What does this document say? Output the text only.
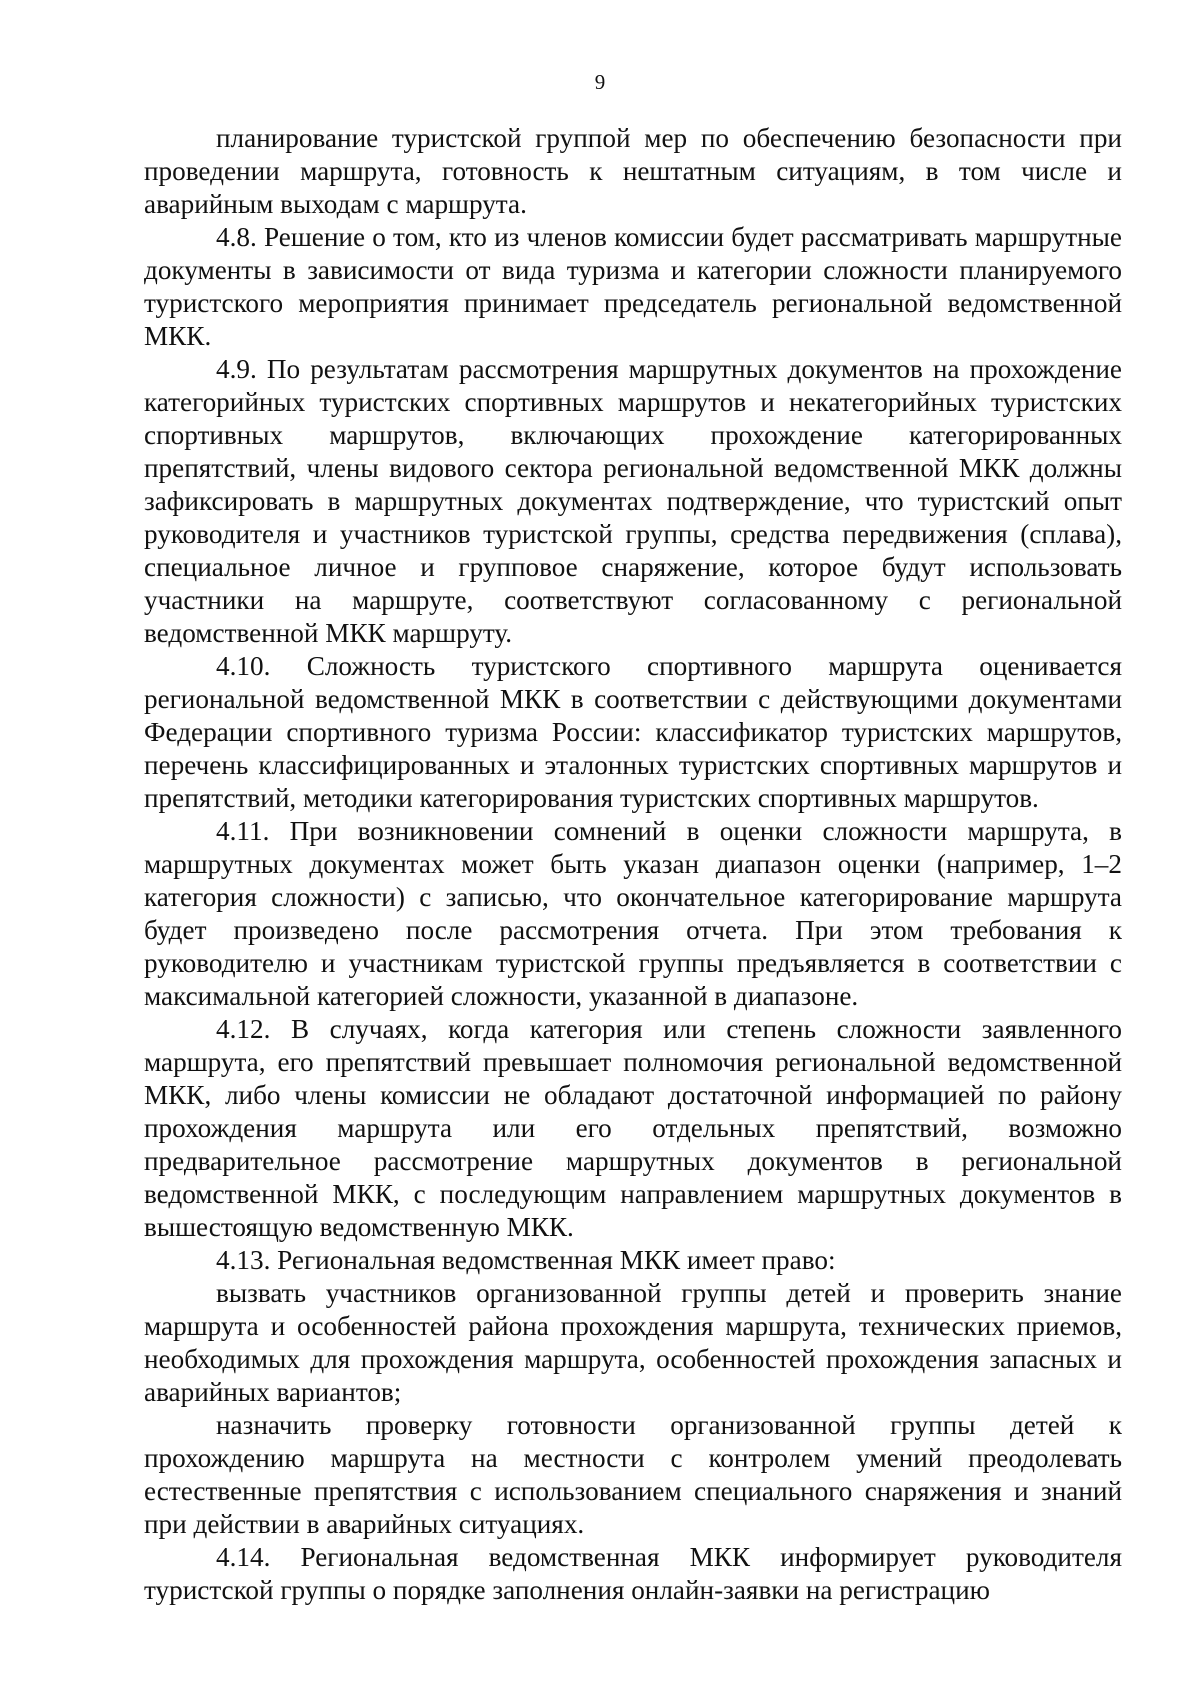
9

планирование туристской группой мер по обеспечению безопасности при проведении маршрута, готовность к нештатным ситуациям, в том числе и аварийным выходам с маршрута.

4.8. Решение о том, кто из членов комиссии будет рассматривать маршрутные документы в зависимости от вида туризма и категории сложности планируемого туристского мероприятия принимает председатель региональной ведомственной МКК.

4.9. По результатам рассмотрения маршрутных документов на прохождение категорийных туристских спортивных маршрутов и некатегорийных туристских спортивных маршрутов, включающих прохождение категорированных препятствий, члены видового сектора региональной ведомственной МКК должны зафиксировать в маршрутных документах подтверждение, что туристский опыт руководителя и участников туристской группы, средства передвижения (сплава), специальное личное и групповое снаряжение, которое будут использовать участники на маршруте, соответствуют согласованному с региональной ведомственной МКК маршруту.

4.10. Сложность туристского спортивного маршрута оценивается региональной ведомственной МКК в соответствии с действующими документами Федерации спортивного туризма России: классификатор туристских маршрутов, перечень классифицированных и эталонных туристских спортивных маршрутов и препятствий, методики категорирования туристских спортивных маршрутов.

4.11. При возникновении сомнений в оценки сложности маршрута, в маршрутных документах может быть указан диапазон оценки (например, 1–2 категория сложности) с записью, что окончательное категорирование маршрута будет произведено после рассмотрения отчета. При этом требования к руководителю и участникам туристской группы предъявляется в соответствии с максимальной категорией сложности, указанной в диапазоне.

4.12. В случаях, когда категория или степень сложности заявленного маршрута, его препятствий превышает полномочия региональной ведомственной МКК, либо члены комиссии не обладают достаточной информацией по району прохождения маршрута или его отдельных препятствий, возможно предварительное рассмотрение маршрутных документов в региональной ведомственной МКК, с последующим направлением маршрутных документов в вышестоящую ведомственную МКК.

4.13. Региональная ведомственная МКК имеет право:

вызвать участников организованной группы детей и проверить знание маршрута и особенностей района прохождения маршрута, технических приемов, необходимых для прохождения маршрута, особенностей прохождения запасных и аварийных вариантов;

назначить проверку готовности организованной группы детей к прохождению маршрута на местности с контролем умений преодолевать естественные препятствия с использованием специального снаряжения и знаний при действии в аварийных ситуациях.

4.14. Региональная ведомственная МКК информирует руководителя туристской группы о порядке заполнения онлайн-заявки на регистрацию
